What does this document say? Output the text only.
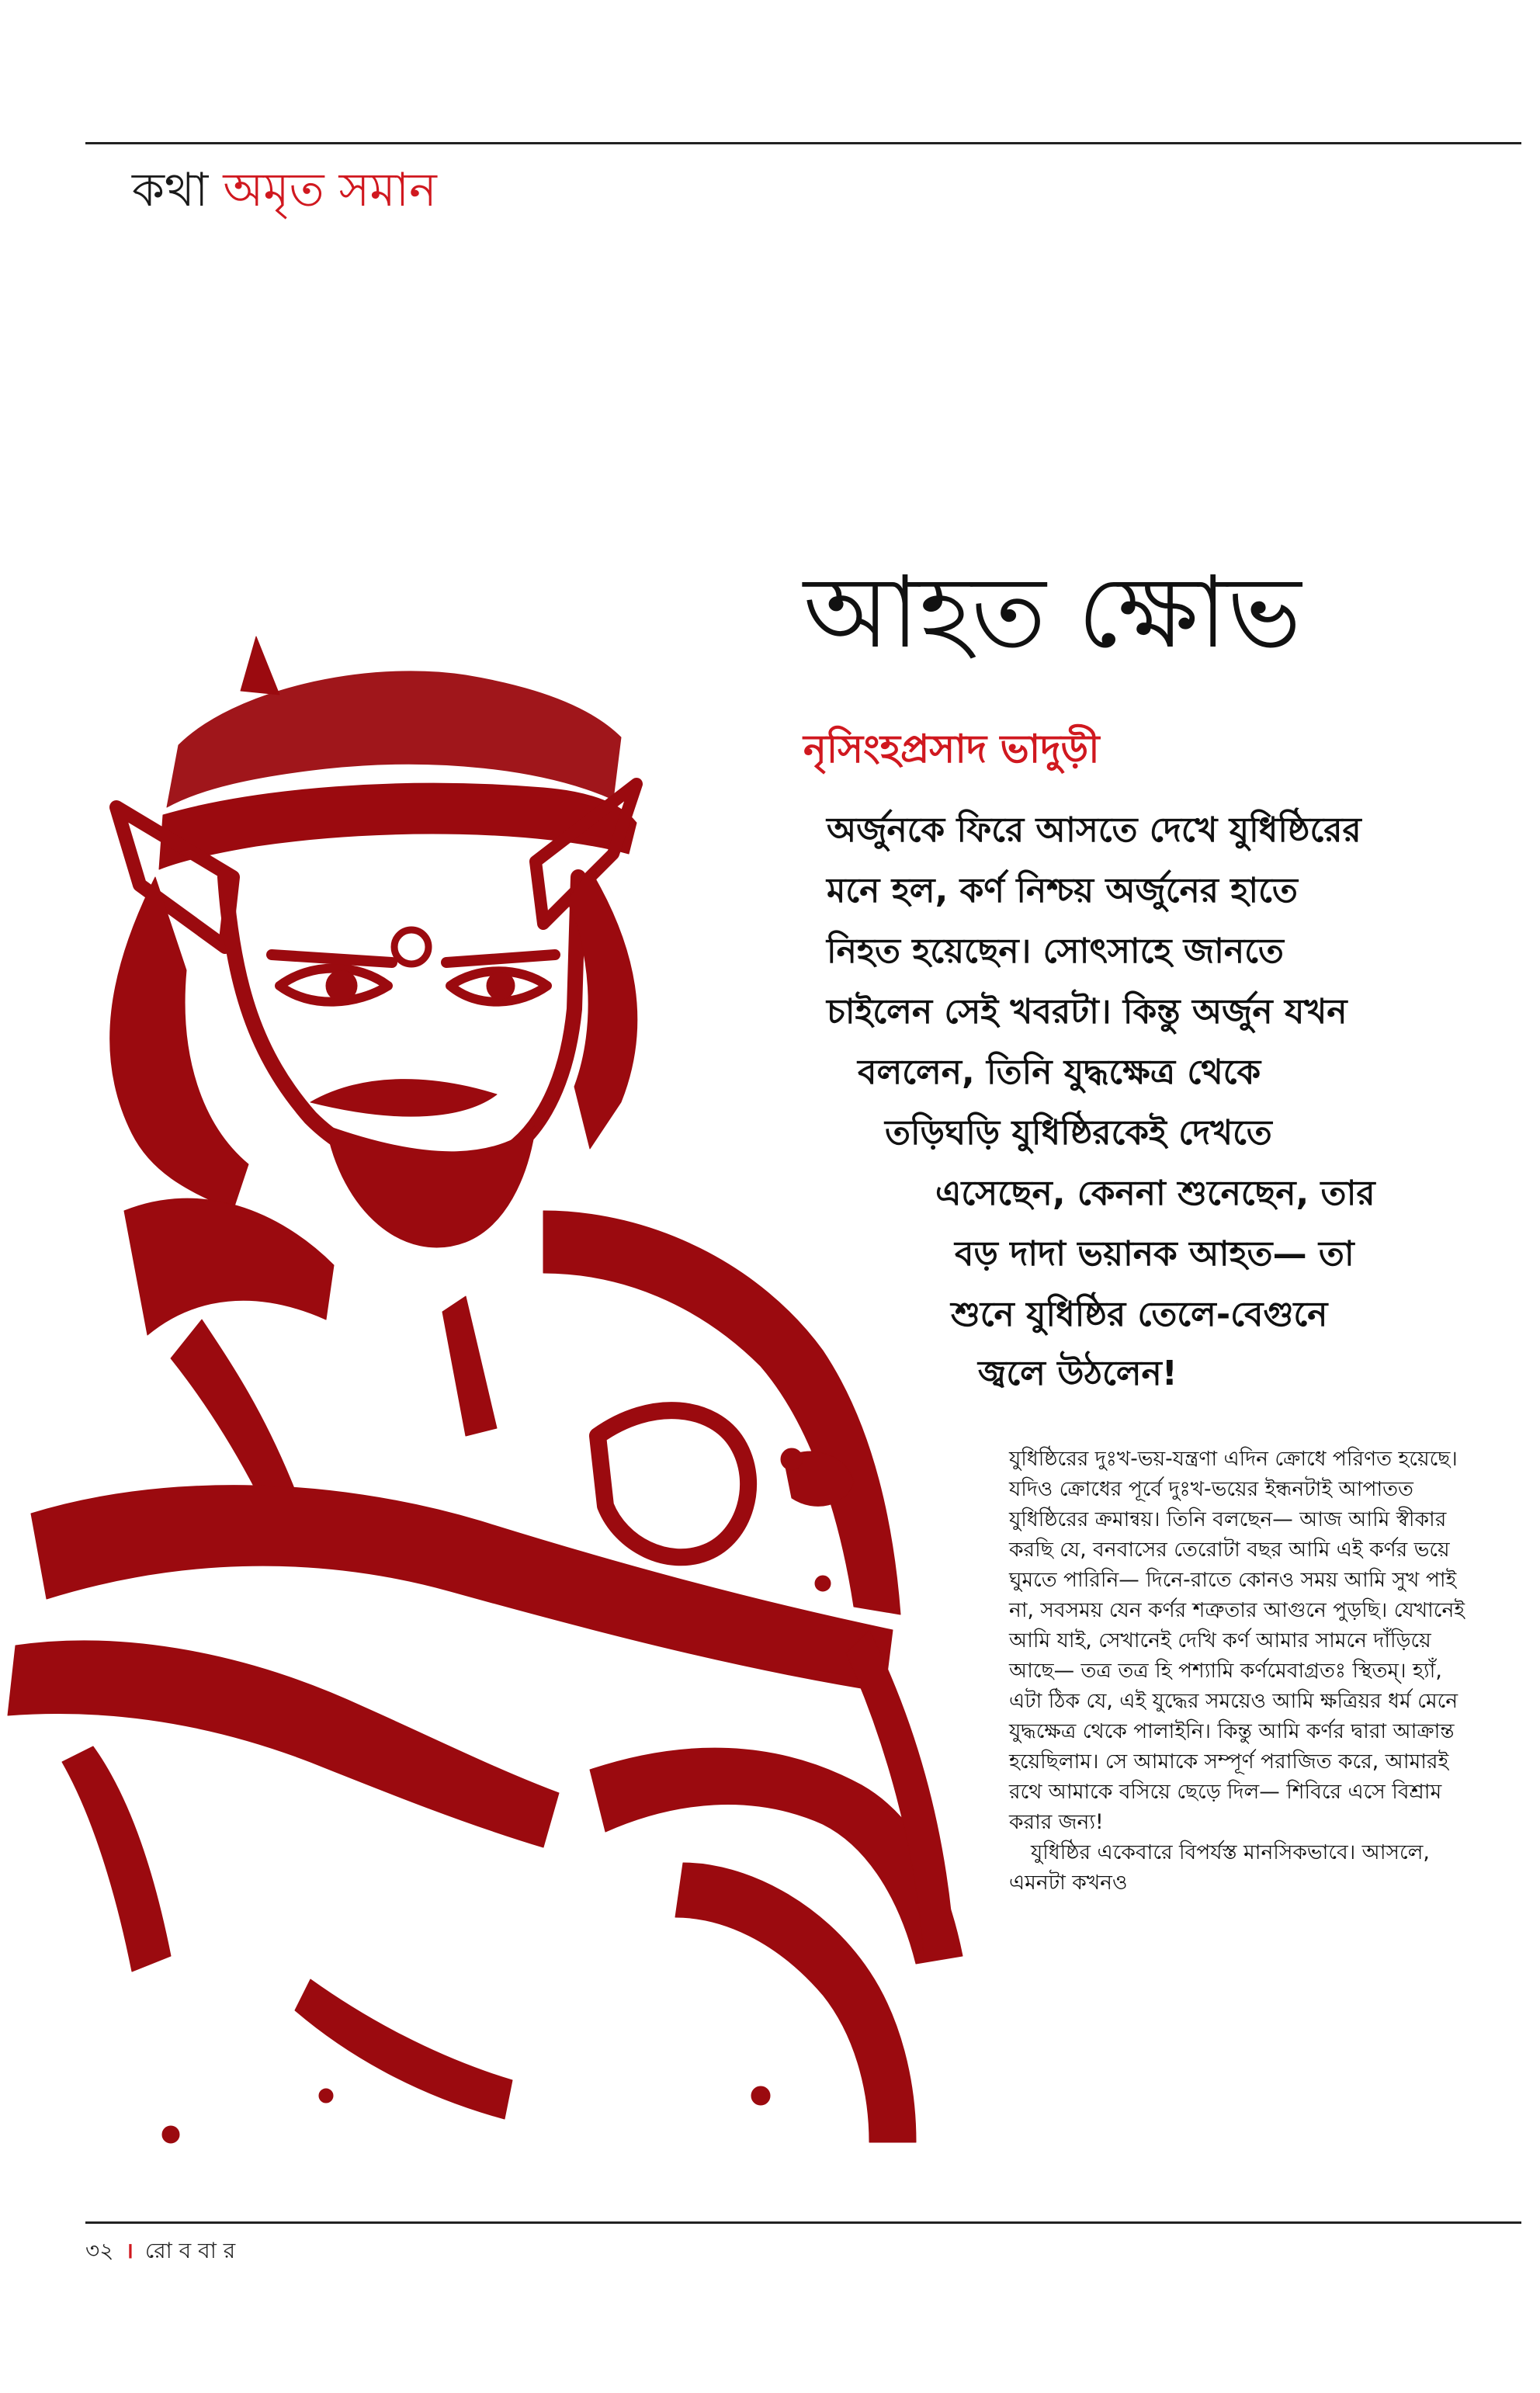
কথা অমৃত সমান
আহত ক্ষোভ
নৃসিংহপ্রসাদ ভাদুড়ী
অর্জুনকে ফিরে আসতে দেখে যুধিষ্ঠিরের
মনে হল, কর্ণ নিশ্চয় অর্জুনের হাতে
নিহত হয়েছেন। সোৎসাহে জানতে
চাইলেন সেই খবরটা। কিন্তু অর্জুন যখন
বললেন, তিনি যুদ্ধক্ষেত্র থেকে
তড়িঘড়ি যুধিষ্ঠিরকেই দেখতে
এসেছেন, কেননা শুনেছেন, তার
বড় দাদা ভয়ানক আহত— তা
শুনে যুধিষ্ঠির তেলে-বেগুনে
জ্বলে উঠলেন!

যুধিষ্ঠিরের দুঃখ-ভয়-যন্ত্রণা এদিন ক্রোধে পরিণত হয়েছে। যদিও ক্রোধের পূর্বে দুঃখ-ভয়ের ইন্ধনটাই আপাতত যুধিষ্ঠিরের ক্রমান্বয়। তিনি বলছেন— আজ আমি স্বীকার করছি যে, বনবাসের তেরোটা বছর আমি এই কর্ণর ভয়ে ঘুমতে পারিনি— দিনে-রাতে কোনও সময় আমি সুখ পাই না, সবসময় যেন কর্ণর শত্রুতার আগুনে পুড়ছি। যেখানেই আমি যাই, সেখানেই দেখি কর্ণ আমার সামনে দাঁড়িয়ে আছে— তত্র তত্র হি পশ্যামি কর্ণমেবাগ্রতঃ স্থিতম্। হ্যাঁ, এটা ঠিক যে, এই যুদ্ধের সময়েও আমি ক্ষত্রিয়র ধর্ম মেনে যুদ্ধক্ষেত্র থেকে পালাইনি। কিন্তু আমি কর্ণর দ্বারা আক্রান্ত হয়েছিলাম। সে আমাকে সম্পূর্ণ পরাজিত করে, আমারই রথে আমাকে বসিয়ে ছেড়ে দিল— শিবিরে এসে বিশ্রাম করার জন্য!

যুধিষ্ঠির একেবারে বিপর্যস্ত মানসিকভাবে। আসলে, এমনটা কখনও

৩২ । রো ব বা র
